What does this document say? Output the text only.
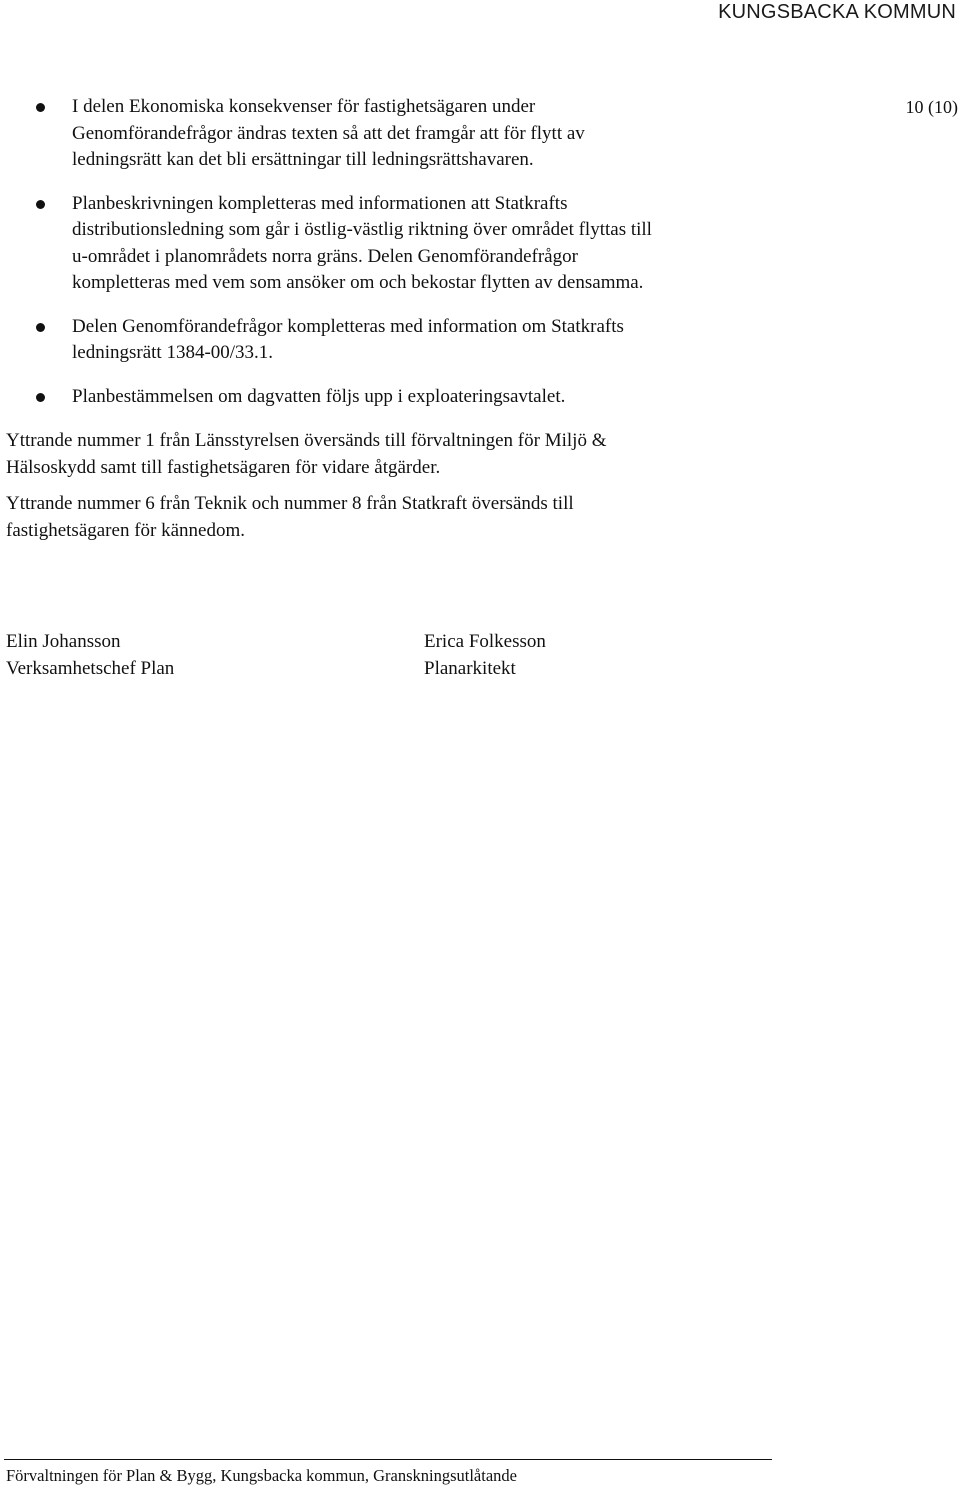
KUNGSBACKA KOMMUN
10 (10)
I delen Ekonomiska konsekvenser för fastighetsägaren under
Genomförandefrågor ändras texten så att det framgår att för flytt av
ledningsrätt kan det bli ersättningar till ledningsrättshavaren.
Planbeskrivningen kompletteras med informationen att Statkrafts
distributionsledning som går i östlig-västlig riktning över området flyttas till
u-området i planområdets norra gräns. Delen Genomförandefrågor
kompletteras med vem som ansöker om och bekostar flytten av densamma.
Delen Genomförandefrågor kompletteras med information om Statkrafts
ledningsrätt 1384-00/33.1.
Planbestämmelsen om dagvatten följs upp i exploateringsavtalet.
Yttrande nummer 1 från Länsstyrelsen översänds till förvaltningen för Miljö &
Hälsoskydd samt till fastighetsägaren för vidare åtgärder.
Yttrande nummer 6 från Teknik och nummer 8 från Statkraft översänds till
fastighetsägaren för kännedom.
Elin Johansson
Verksamhetschef Plan
Erica Folkesson
Planarkitekt
Förvaltningen för Plan & Bygg, Kungsbacka kommun, Granskningsutlåtande
